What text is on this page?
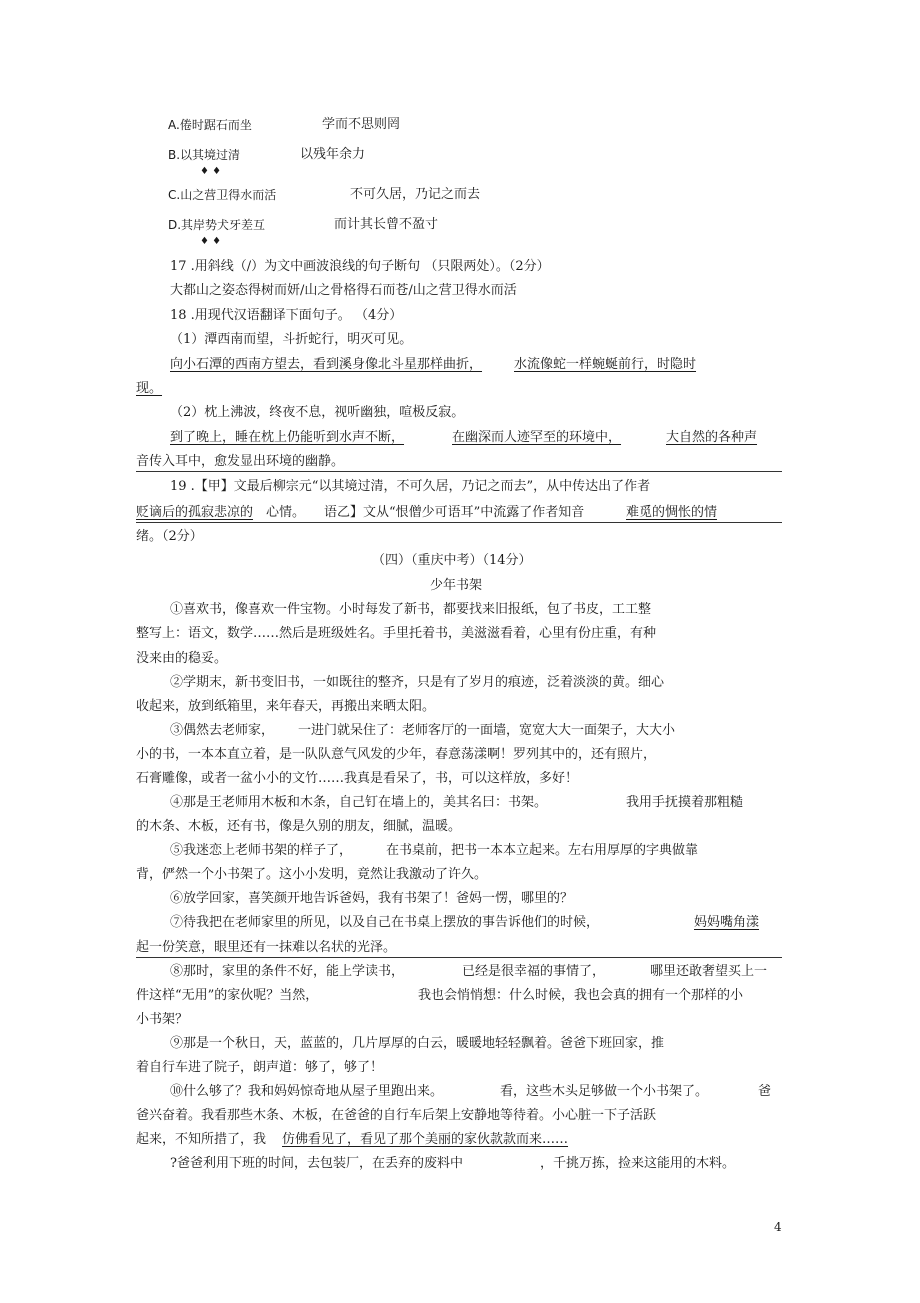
A.倦时踞石而坐	学而不思则罔
B.以其境过清	以残年余力
♦ ♦
C.山之营卫得水而活	不可久居，乃记之而去
D.其岸势犬牙差互	而计其长曾不盈寸
♦ ♦
17 .用斜线（/）为文中画波浪线的句子断句 （只限两处）。（2分）
大都山之姿态得树而妍/山之骨格得石而苍/山之营卫得水而活
18 .用现代汉语翻译下面句子。 （4分）
（1）潭西南而望，斗折蛇行，明灭可见。
向小石潭的西南方望去，看到溪身像北斗星那样曲折， 水流像蛇一样蜿蜒前行，时隐时
现。
（2）枕上沸波，终夜不息，视听幽独，喧极反寂。
到了晚上，睡在枕上仍能听到水声不断，	在幽深而人迹罕至的环境中，	大自然的各种声
音传入耳中，愈发显出环境的幽静。
19 .【甲】文最后柳宗元“以其境过清，不可久居，乃记之而去”，从中传达出了作者
贬谪后的孤寂悲凉的 心情。 语乙】文从“恨僧少可语耳”中流露了作者知音	难觅的惆怅的情
绪。（2分）
（四）（重庆中考）（14分）
少年书架
①喜欢书，像喜欢一件宝物。小时每发了新书，都要找来旧报纸，包了书皮，工工整
整写上：语文，数学……然后是班级姓名。手里托着书，美滋滋看着，心里有份庄重，有种
没来由的稳妥。
②学期末，新书变旧书，一如既往的整齐，只是有了岁月的痕迹，泛着淡淡的黄。细心
收起来，放到纸箱里，来年春天，再搬出来晒太阳。
③偶然去老师家， 一进门就呆住了：老师客厅的一面墙，宽宽大大一面架子，大大小
小的书，一本本直立着，是一队队意气风发的少年，春意荡漾啊！罗列其中的，还有照片，
石膏雕像，或者一盆小小的文竹……我真是看呆了，书，可以这样放，多好！
④那是王老师用木板和木条，自己钉在墙上的，美其名曰：书架。	我用手抚摸着那粗糙
的木条、木板，还有书，像是久别的朋友，细腻，温暖。
⑤我迷恋上老师书架的样子了，	在书桌前，把书一本本立起来。左右用厚厚的字典做靠
背，俨然一个小书架了。这小小发明，竟然让我激动了许久。
⑥放学回家，喜笑颜开地告诉爸妈，我有书架了！爸妈一愣，哪里的？
⑦待我把在老师家里的所见，以及自己在书桌上摆放的事告诉他们的时候，	妈妈嘴角漾
起一份笑意，眼里还有一抹难以名状的光泽。
⑧那时，家里的条件不好，能上学读书，	已经是很幸福的事情了，	哪里还敢奢望买上一
件这样“无用”的家伙呢？当然，	我也会悄悄想：什么时候，我也会真的拥有一个那样的小
小书架？
⑨那是一个秋日，天，蓝蓝的，几片厚厚的白云，暖暖地轻轻飘着。爸爸下班回家，推
着自行车进了院子，朗声道：够了，够了！
⑩什么够了？我和妈妈惊奇地从屋子里跑出来。	看，这些木头足够做一个小书架了。	爸
爸兴奋着。我看那些木条、木板，在爸爸的自行车后架上安静地等待着。小心脏一下子活跃
起来，不知所措了，我 仿佛看见了，看见了那个美丽的家伙款款而来……
?爸爸利用下班的时间，去包装厂，在丢弃的废料中	，千挑万拣，捡来这能用的木料。
4
